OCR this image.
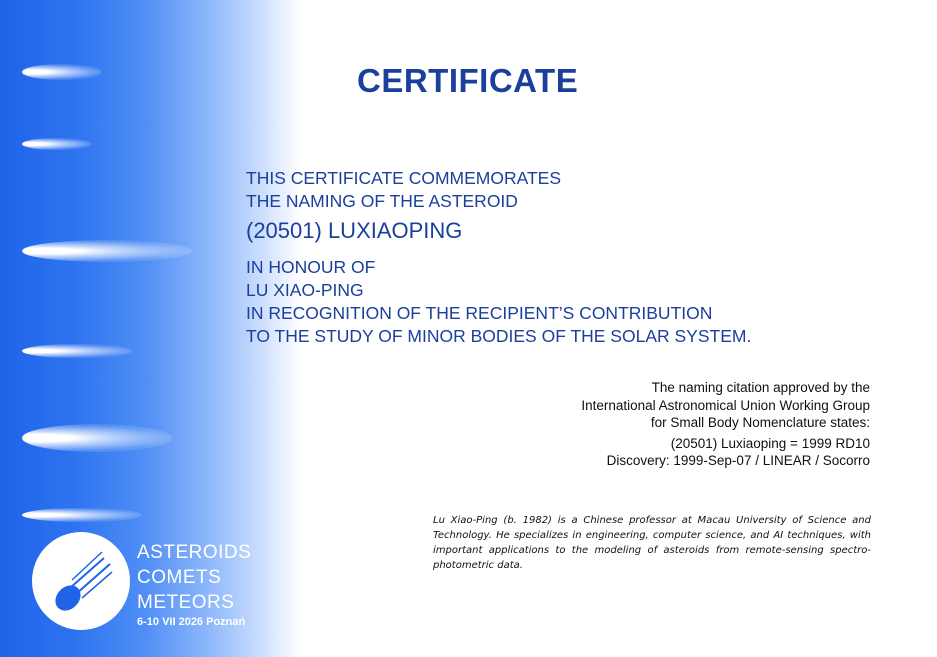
ASTEROIDS
COMETS
METEORS
6-10 VII 2026 Poznań
CERTIFICATE
THIS CERTIFICATE COMMEMORATES
THE NAMING OF THE ASTEROID
(20501) LUXIAOPING
IN HONOUR OF
LU XIAO-PING
IN RECOGNITION OF THE RECIPIENT’S CONTRIBUTION
TO THE STUDY OF MINOR BODIES OF THE SOLAR SYSTEM.
The naming citation approved by the
International Astronomical Union Working Group
for Small Body Nomenclature states:
(20501) Luxiaoping = 1999 RD10
Discovery: 1999-Sep-07 / LINEAR / Socorro

Lu Xiao-Ping (b. 1982) is a Chinese professor at Macau University of Science and Technology. He specializes in engineering, computer science, and AI techniques, with important applications to the modeling of asteroids from remote-sensing spectro-photometric data.
